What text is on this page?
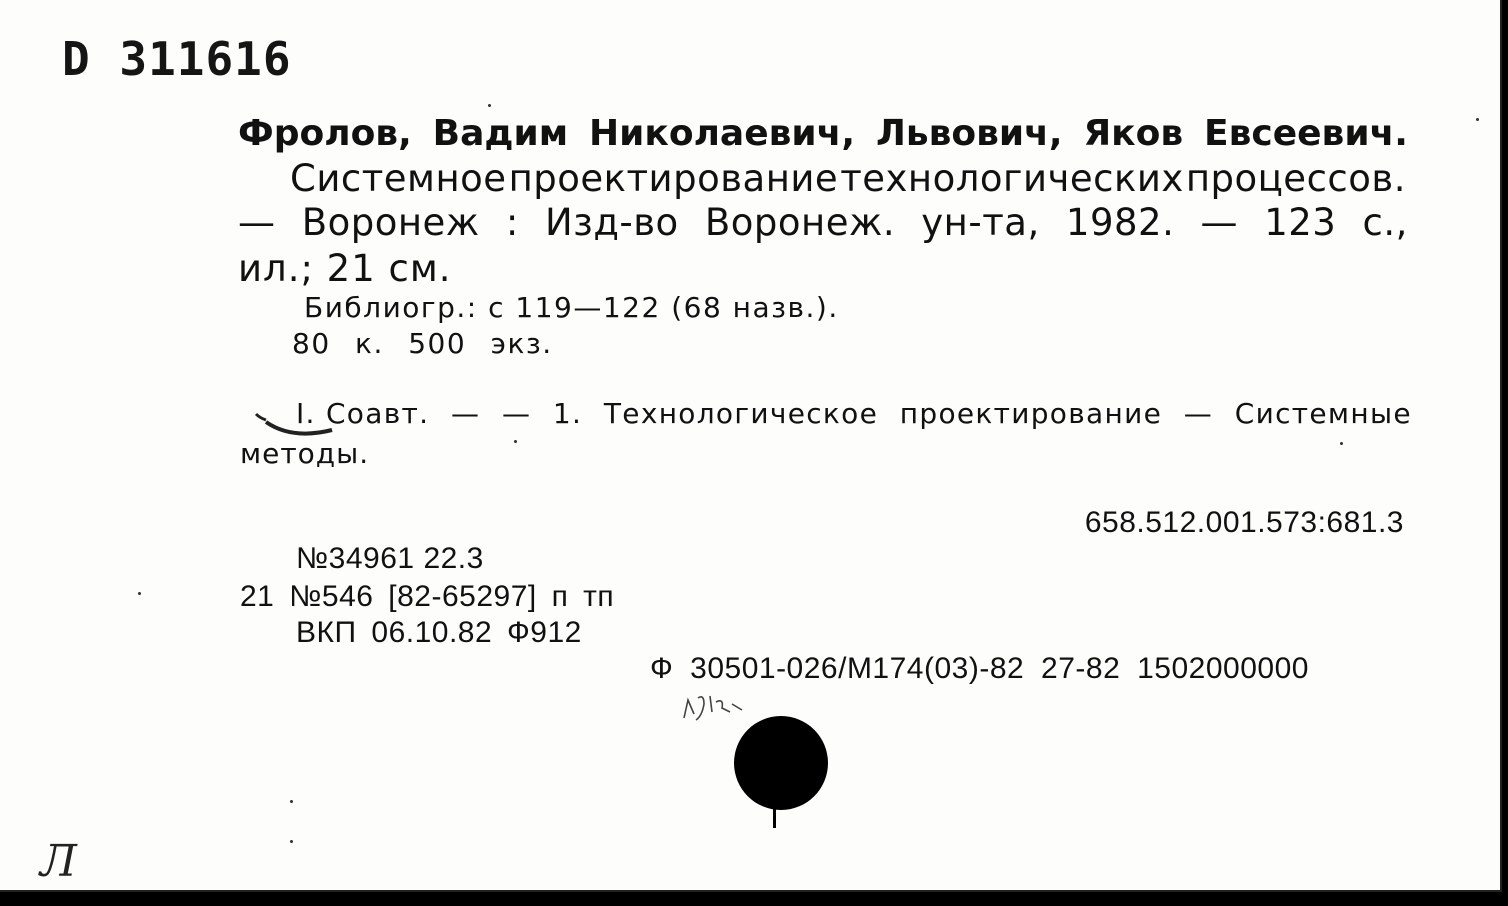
D 311616

Фролов, Вадим Николаевич, Львович, Яков Евсеевич.
Системное проектирование технологических процессов.
— Воронеж : Изд-во Воронеж. ун-та, 1982. — 123 с.,

ил.; 21 см.

Библиогр.: с 119—122 (68 назв.).

80 к. 500 экз.

I. Соавт. — — 1. Технологическое проектирование — Системные

методы.

658.512.001.573:681.3

№34961 22.3

21 №546 [82-65297] п тп

ВКП 06.10.82 Ф912

Ф 30501-026/М174(03)-82 27-82 1502000000

Л
